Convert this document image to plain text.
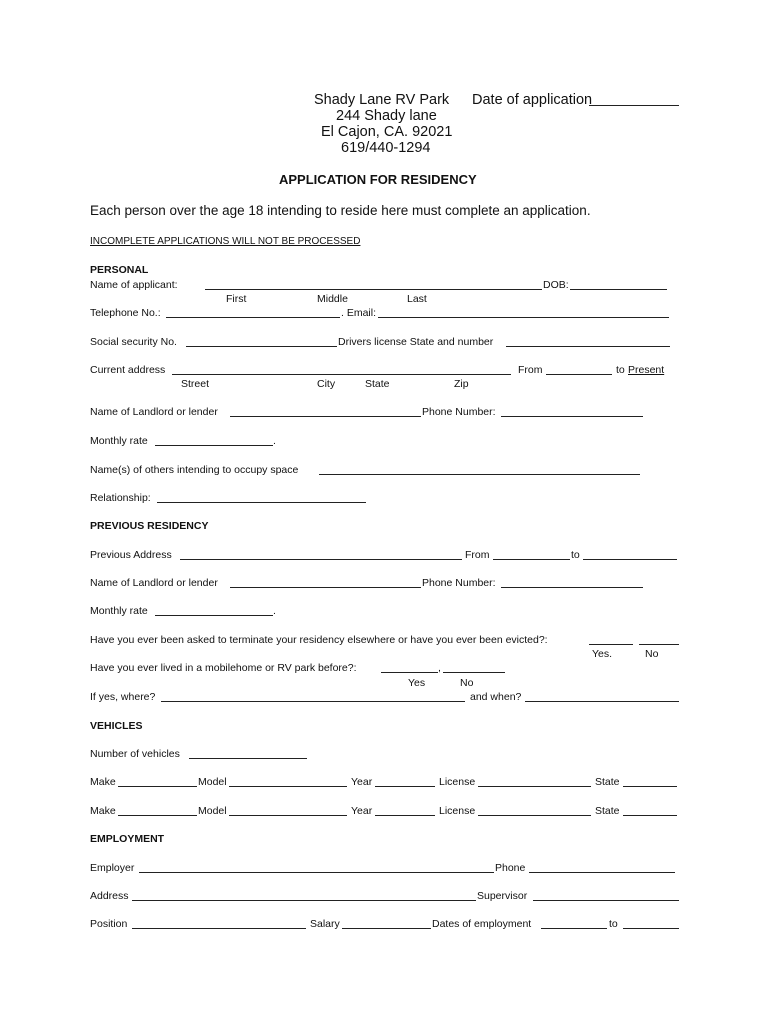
Shady Lane RV Park
244 Shady lane
El Cajon, CA. 92021
619/440-1294
Date of application
APPLICATION FOR RESIDENCY
Each person over the age 18 intending to reside here must complete an application.
INCOMPLETE APPLICATIONS WILL NOT BE PROCESSED
PERSONAL
Name of applicant:	DOB:
First	Middle	Last
Telephone No.:	. Email:
Social security No.	Drivers license State and number
Current address	From	to Present
Street	City	State	Zip
Name of Landlord or lender	Phone Number:
Monthly rate	.
Name(s) of others intending to occupy space
Relationship:
PREVIOUS RESIDENCY
Previous Address	From	to
Name of Landlord or lender	Phone Number:
Monthly rate	.
Have you ever been asked to terminate your residency elsewhere or have you ever been evicted?:
Yes.	No
Have you ever lived in a mobilehome or RV park before?:	,
Yes	No
If yes, where?	and when?
VEHICLES
Number of vehicles
Make	Model	Year	License	State
Make	Model	Year	License	State
EMPLOYMENT
Employer	Phone
Address	Supervisor
Position	Salary	Dates of employment	to
